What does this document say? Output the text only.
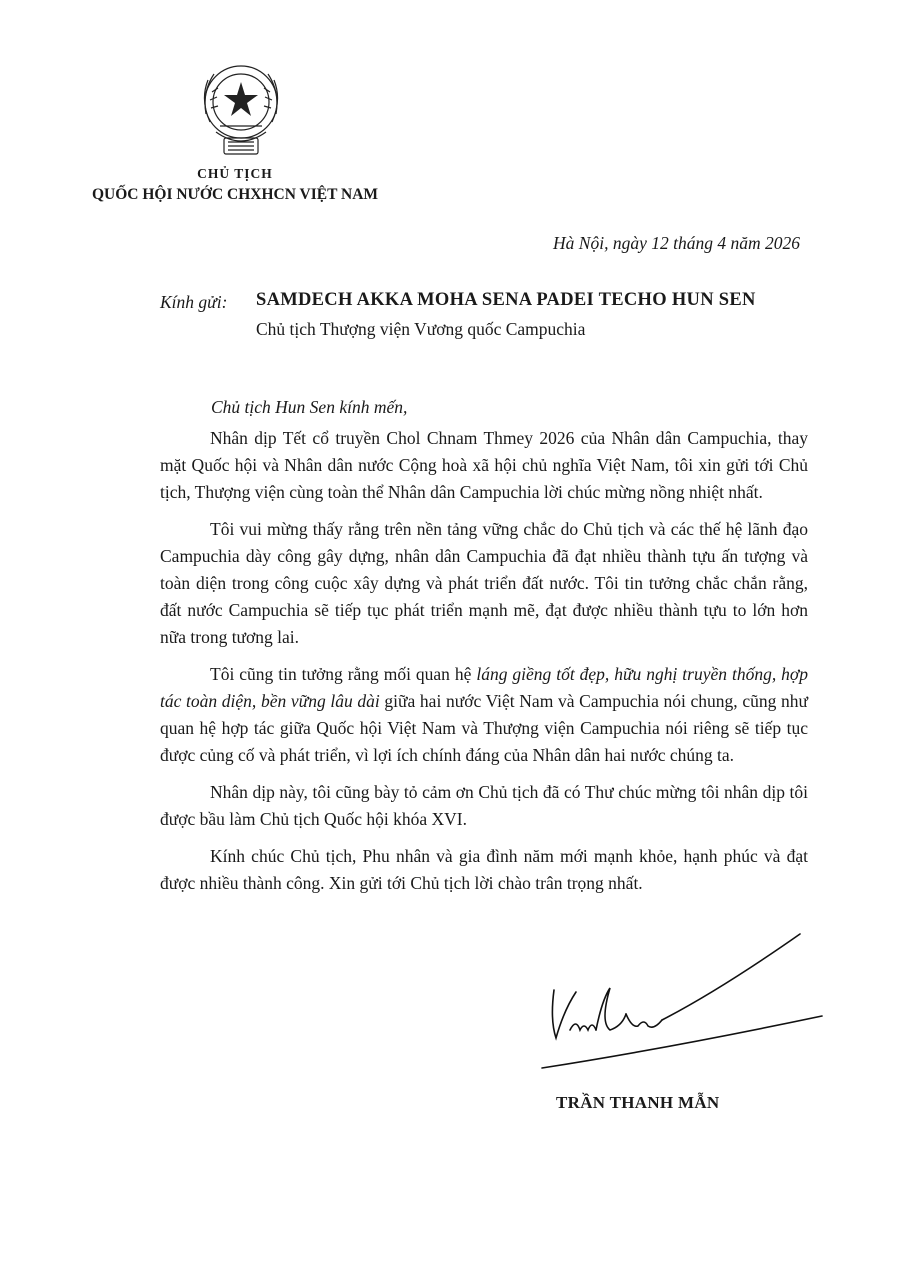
CHỦ TỊCH
QUỐC HỘI NƯỚC CHXHCN VIỆT NAM
Hà Nội, ngày 12 tháng 4 năm 2026
Kính gửi: SAMDECH AKKA MOHA SENA PADEI TECHO HUN SEN
Chủ tịch Thượng viện Vương quốc Campuchia
Chủ tịch Hun Sen kính mến,

Nhân dịp Tết cổ truyền Chol Chnam Thmey 2026 của Nhân dân Campuchia, thay mặt Quốc hội và Nhân dân nước Cộng hoà xã hội chủ nghĩa Việt Nam, tôi xin gửi tới Chủ tịch, Thượng viện cùng toàn thể Nhân dân Campuchia lời chúc mừng nồng nhiệt nhất.

Tôi vui mừng thấy rằng trên nền tảng vững chắc do Chủ tịch và các thế hệ lãnh đạo Campuchia dày công gây dựng, nhân dân Campuchia đã đạt nhiều thành tựu ấn tượng và toàn diện trong công cuộc xây dựng và phát triển đất nước. Tôi tin tưởng chắc chắn rằng, đất nước Campuchia sẽ tiếp tục phát triển mạnh mẽ, đạt được nhiều thành tựu to lớn hơn nữa trong tương lai.

Tôi cũng tin tưởng rằng mối quan hệ láng giềng tốt đẹp, hữu nghị truyền thống, hợp tác toàn diện, bền vững lâu dài giữa hai nước Việt Nam và Campuchia nói chung, cũng như quan hệ hợp tác giữa Quốc hội Việt Nam và Thượng viện Campuchia nói riêng sẽ tiếp tục được củng cố và phát triển, vì lợi ích chính đáng của Nhân dân hai nước chúng ta.

Nhân dịp này, tôi cũng bày tỏ cảm ơn Chủ tịch đã có Thư chúc mừng tôi nhân dịp tôi được bầu làm Chủ tịch Quốc hội khóa XVI.

Kính chúc Chủ tịch, Phu nhân và gia đình năm mới mạnh khỏe, hạnh phúc và đạt được nhiều thành công. Xin gửi tới Chủ tịch lời chào trân trọng nhất.

TRẦN THANH MẪN
